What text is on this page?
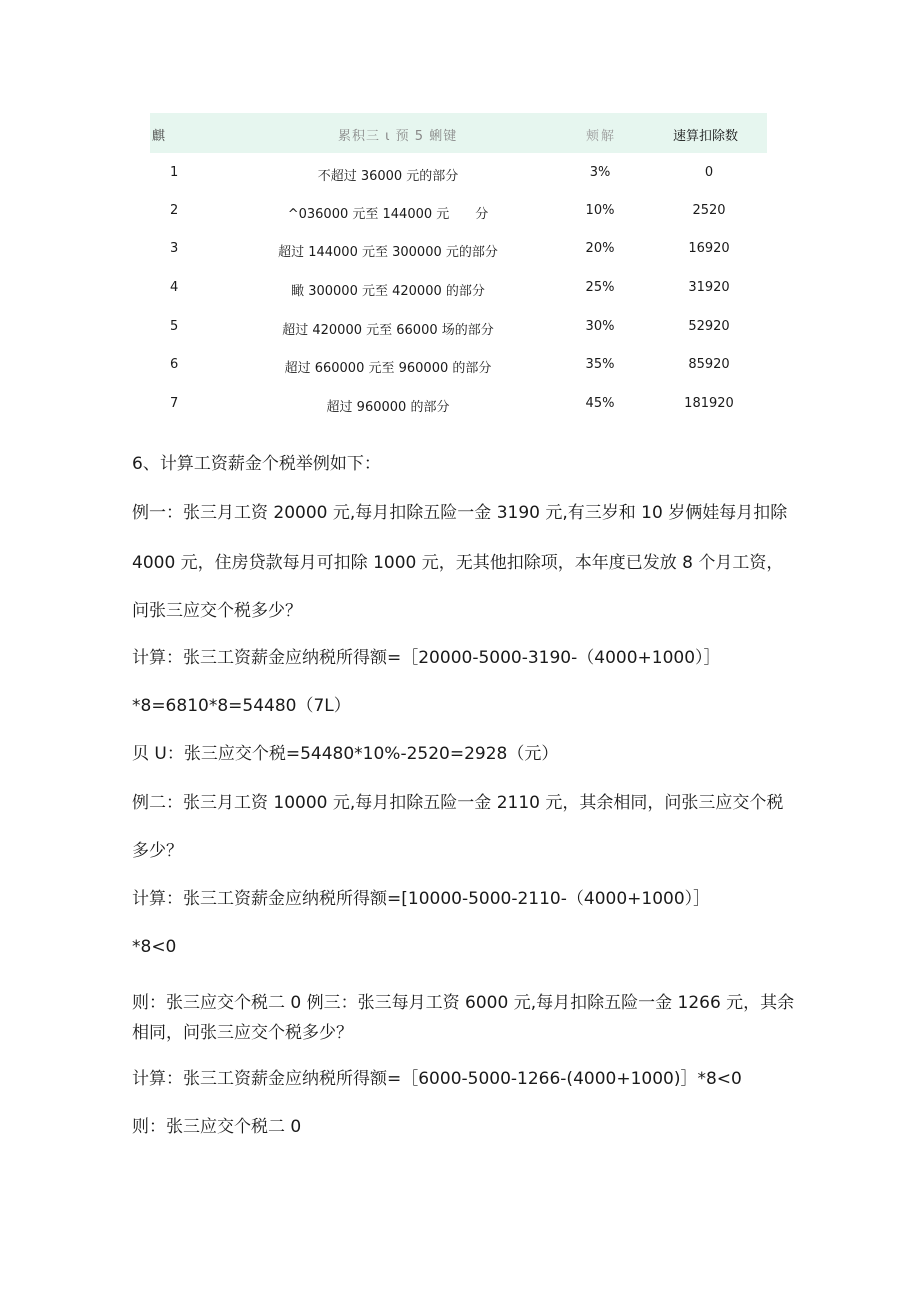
麒	累积三 ι 预 5 蜊键	颊解	速算扣除数
1	不超过 36000 元的部分	3%	0
2	^036000 元至 144000 元　　分	10%	2520
3	超过 144000 元至 300000 元的部分	20%	16920
4	瞰 300000 元至 420000 的部分	25%	31920
5	超过 420000 元至 66000 场的部分	30%	52920
6	超过 660000 元至 960000 的部分	35%	85920
7	超过 960000 的部分	45%	181920
6、计算工资薪金个税举例如下：
例一：张三月工资 20000 元,每月扣除五险一金 3190 元,有三岁和 10 岁俩娃每月扣除
4000 元，住房贷款每月可扣除 1000 元，无其他扣除项，本年度已发放 8 个月工资，
问张三应交个税多少？
计算：张三工资薪金应纳税所得额=［20000-5000-3190-（4000+1000）］
*8=6810*8=54480（7L）
贝 U：张三应交个税=54480*10%-2520=2928（元）
例二：张三月工资 10000 元,每月扣除五险一金 2110 元，其余相同，问张三应交个税
多少？
计算：张三工资薪金应纳税所得额=[10000-5000-2110-（4000+1000）］
*8<0
则：张三应交个税二 0 例三：张三每月工资 6000 元,每月扣除五险一金 1266 元，其余
相同，问张三应交个税多少？
计算：张三工资薪金应纳税所得额=［6000-5000-1266-(4000+1000)］*8<0
则：张三应交个税二 0
